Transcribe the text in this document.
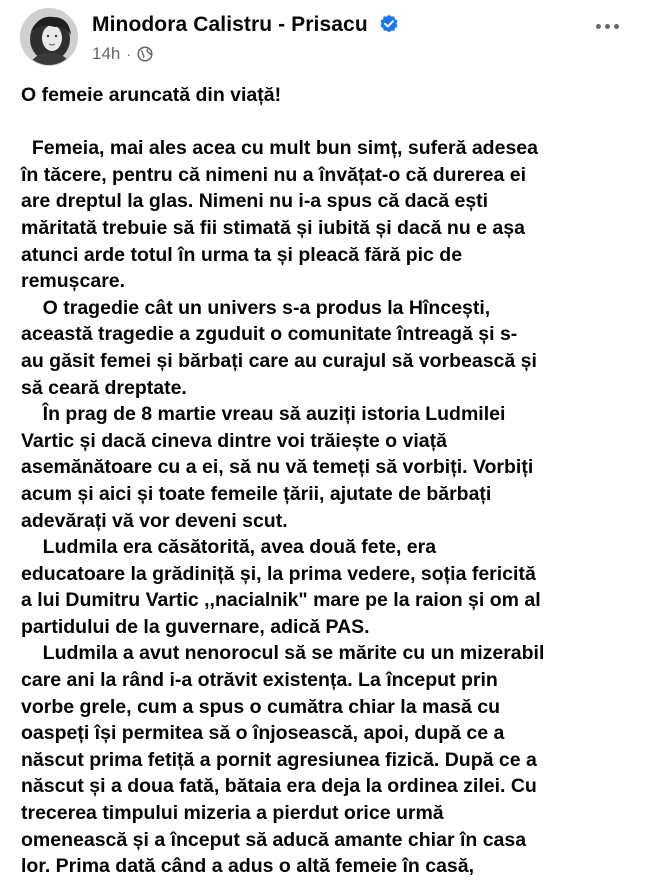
Minodora Calistru - Prisacu
14h ·
O femeie aruncată din viață!
Femeia, mai ales acea cu mult bun simț, suferă adesea
în tăcere, pentru că nimeni nu a învățat-o că durerea ei
are dreptul la glas. Nimeni nu i-a spus că dacă ești
măritată trebuie să fii stimată și iubită și dacă nu e așa
atunci arde totul în urma ta și pleacă fără pic de
remușcare.
O tragedie cât un univers s-a produs la Hîncești,
această tragedie a zguduit o comunitate întreagă și s-
au găsit femei și bărbați care au curajul să vorbească și
să ceară dreptate.
În prag de 8 martie vreau să auziți istoria Ludmilei
Vartic și dacă cineva dintre voi trăiește o viață
asemănătoare cu a ei, să nu vă temeți să vorbiți. Vorbiți
acum și aici și toate femeile țării, ajutate de bărbați
adevărați vă vor deveni scut.
Ludmila era căsătorită, avea două fete, era
educatoare la grădiniță și, la prima vedere, soția fericită
a lui Dumitru Vartic ,,nacialnik" mare pe la raion și om al
partidului de la guvernare, adică PAS.
Ludmila a avut nenorocul să se mărite cu un mizerabil
care ani la rând i-a otrăvit existența. La început prin
vorbe grele, cum a spus o cumătra chiar la masă cu
oaspeți își permitea să o înjosească, apoi, după ce a
născut prima fetiță a pornit agresiunea fizică. După ce a
născut și a doua fată, bătaia era deja la ordinea zilei. Cu
trecerea timpului mizeria a pierdut orice urmă
omenească și a început să aducă amante chiar în casa
lor. Prima dată când a adus o altă femeie în casă,
